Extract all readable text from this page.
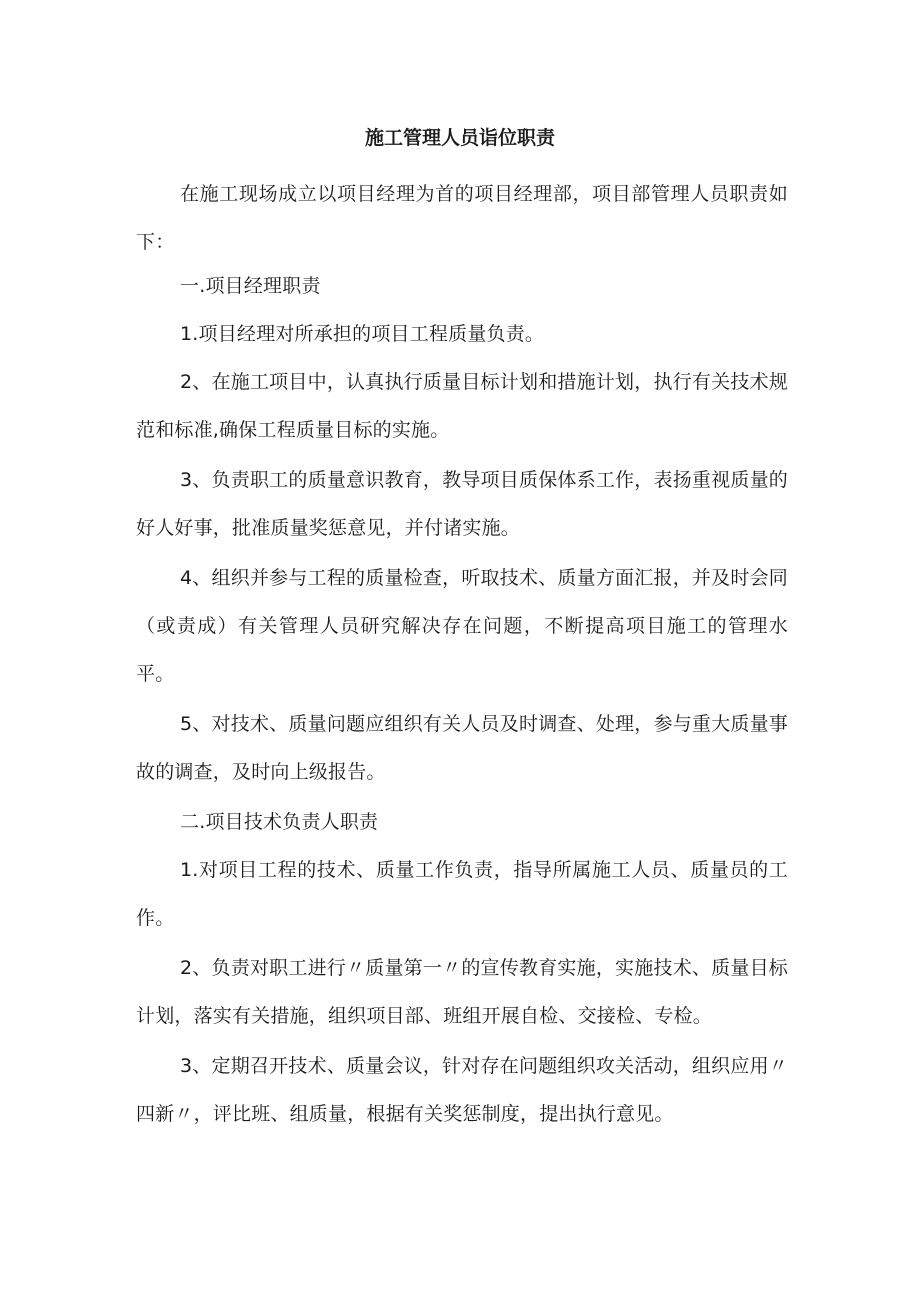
施工管理人员诣位职责

在施工现场成立以项目经理为首的项目经理部，项目部管理人员职责如下：

一.项目经理职责

1.项目经理对所承担的项目工程质量负责。

2、在施工项目中，认真执行质量目标计划和措施计划，执行有关技术规范和标准,确保工程质量目标的实施。

3、负责职工的质量意识教育，教导项目质保体系工作，表扬重视质量的好人好事，批准质量奖惩意见，并付诸实施。

4、组织并参与工程的质量检查，听取技术、质量方面汇报，并及时会同（或责成）有关管理人员研究解决存在问题，不断提高项目施工的管理水平。

5、对技术、质量问题应组织有关人员及时调查、处理，参与重大质量事故的调查，及时向上级报告。

二.项目技术负责人职责

1.对项目工程的技术、质量工作负责，指导所属施工人员、质量员的工作。

2、负责对职工进行〃质量第一〃的宣传教育实施，实施技术、质量目标计划，落实有关措施，组织项目部、班组开展自检、交接检、专检。

3、定期召开技术、质量会议，针对存在问题组织攻关活动，组织应用〃四新〃，评比班、组质量，根据有关奖惩制度，提出执行意见。
